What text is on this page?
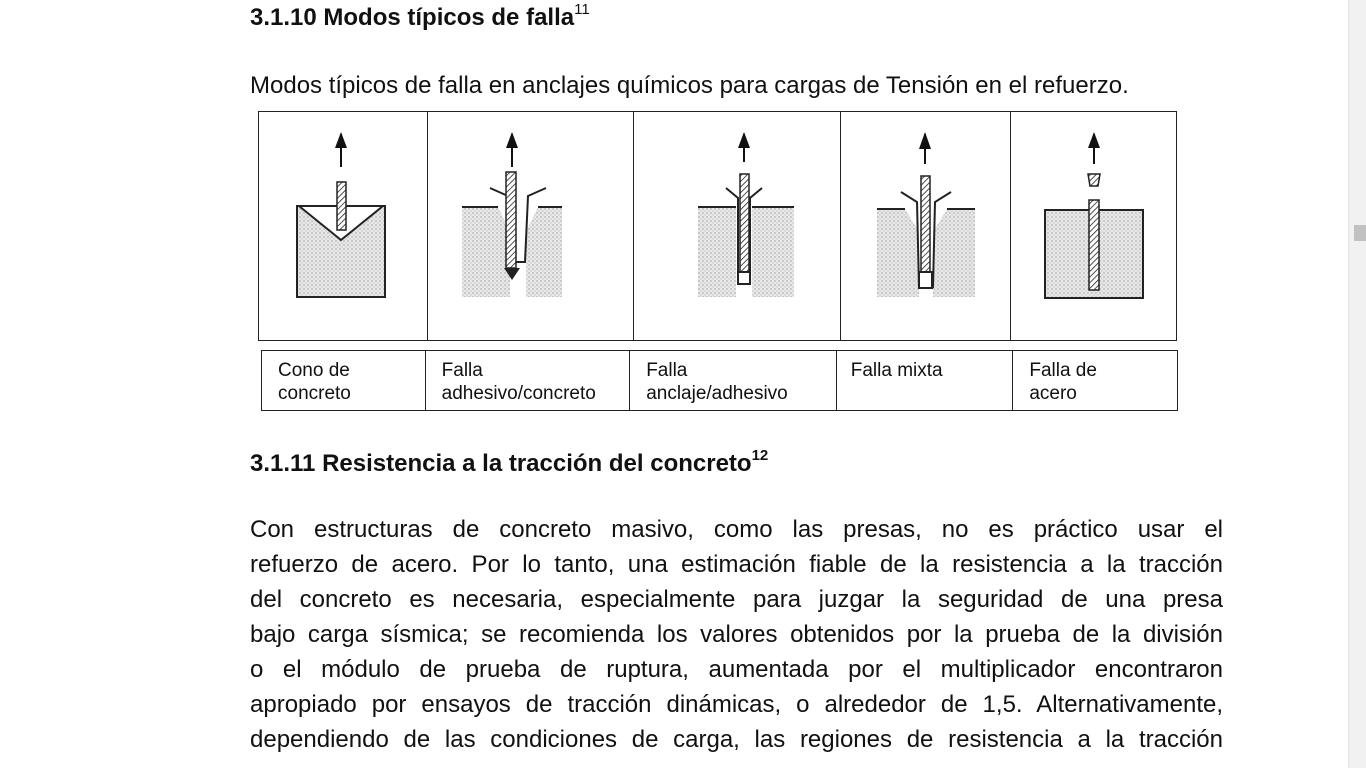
3.1.10 Modos típicos de falla$^{11}$
Modos típicos de falla en anclajes químicos para cargas de Tensión en el refuerzo.
Cono de
concreto
Falla
adhesivo/concreto
Falla
anclaje/adhesivo
Falla mixta	Falla de
acero
3.1.11 Resistencia a la tracción del concreto$^{12}$

Con estructuras de concreto masivo, como las presas, no es práctico usar el

refuerzo de acero. Por lo tanto, una estimación fiable de la resistencia a la tracción

del concreto es necesaria, especialmente para juzgar la seguridad de una presa

bajo carga sísmica; se recomienda los valores obtenidos por la prueba de la división

o el módulo de prueba de ruptura, aumentada por el multiplicador encontraron

apropiado por ensayos de tracción dinámicas, o alrededor de 1,5. Alternativamente,

dependiendo de las condiciones de carga, las regiones de resistencia a la tracción
